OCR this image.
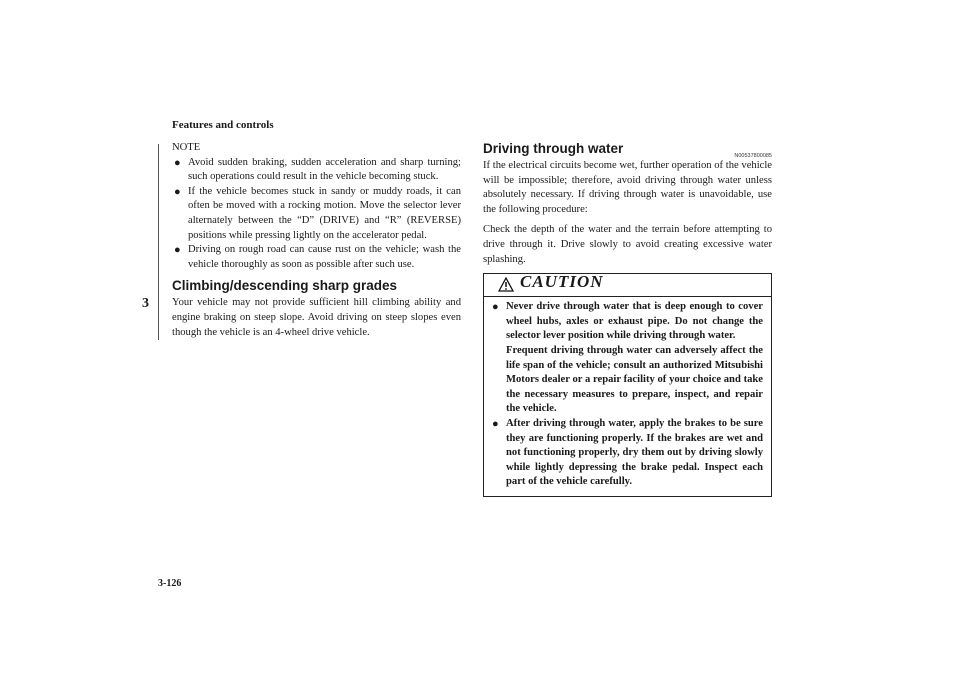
Features and controls
3
NOTE
● Avoid sudden braking, sudden acceleration and sharp turning; such operations could result in the vehicle becoming stuck.
● If the vehicle becomes stuck in sandy or muddy roads, it can often be moved with a rocking motion. Move the selector lever alternately between the “D” (DRIVE) and “R” (REVERSE) positions while pressing lightly on the accelerator pedal.
● Driving on rough road can cause rust on the vehicle; wash the vehicle thoroughly as soon as possible after such use.
Climbing/descending sharp grades

Your vehicle may not provide sufficient hill climbing ability and engine braking on steep slope. Avoid driving on steep slopes even though the vehicle is an 4-wheel drive vehicle.

Driving through water	N00537800085

If the electrical circuits become wet, further operation of the vehicle will be impossible; therefore, avoid driving through water unless absolutely necessary. If driving through water is unavoidable, use the following procedure:

Check the depth of the water and the terrain before attempting to drive through it. Drive slowly to avoid creating excessive water splashing.

CAUTION
● Never drive through water that is deep enough to cover wheel hubs, axles or exhaust pipe. Do not change the selector lever position while driving through water.
Frequent driving through water can adversely affect the life span of the vehicle; consult an authorized Mitsubishi Motors dealer or a repair facility of your choice and take the necessary measures to prepare, inspect, and repair the vehicle.
● After driving through water, apply the brakes to be sure they are functioning properly. If the brakes are wet and not functioning properly, dry them out by driving slowly while lightly depressing the brake pedal. Inspect each part of the vehicle carefully.
3-126
